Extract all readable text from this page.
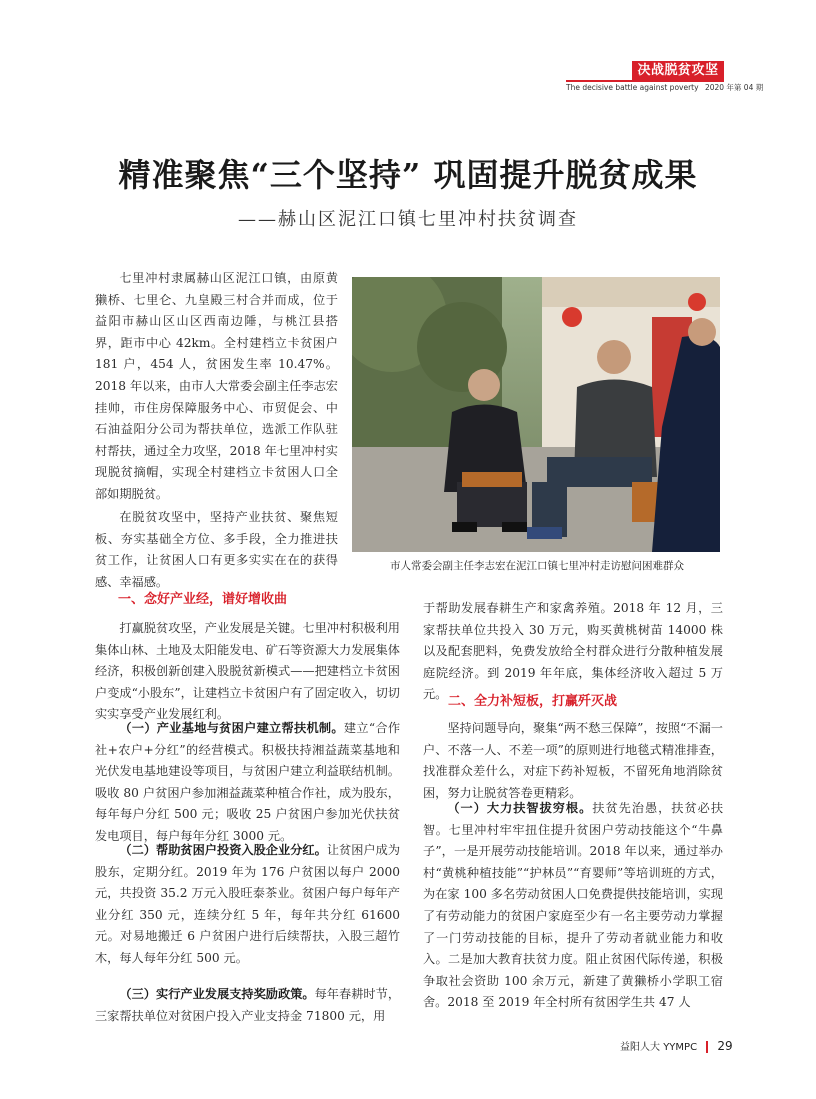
决战脱贫攻坚
The decisive battle against poverty 2020 年第 04 期
精准聚焦“三个坚持” 巩固提升脱贫成果
——赫山区泥江口镇七里冲村扶贫调查

七里冲村隶属赫山区泥江口镇，由原黄獭桥、七里仑、九皇殿三村合并而成，位于益阳市赫山区山区西南边陲，与桃江县搭界，距市中心 42km。全村建档立卡贫困户 181 户，454 人，贫困发生率 10.47%。2018 年以来，由市人大常委会副主任李志宏挂帅，市住房保障服务中心、市贸促会、中石油益阳分公司为帮扶单位，选派工作队驻村帮扶，通过全力攻坚，2018 年七里冲村实现脱贫摘帽，实现全村建档立卡贫困人口全部如期脱贫。

在脱贫攻坚中，坚持产业扶贫、聚焦短板、夯实基础全方位、多手段，全力推进扶贫工作，让贫困人口有更多实实在在的获得感、幸福感。

市人常委会副主任李志宏在泥江口镇七里冲村走访慰问困难群众
一、念好产业经，谱好增收曲

打赢脱贫攻坚，产业发展是关键。七里冲村积极利用集体山林、土地及太阳能发电、矿石等资源大力发展集体经济，积极创新创建入股脱贫新模式——把建档立卡贫困户变成“小股东”，让建档立卡贫困户有了固定收入，切切实实享受产业发展红利。

（一）产业基地与贫困户建立帮扶机制。建立“合作社+农户+分红”的经营模式。积极扶持湘益蔬菜基地和光伏发电基地建设等项目，与贫困户建立利益联结机制。吸收 80 户贫困户参加湘益蔬菜种植合作社，成为股东，每年每户分红 500 元；吸收 25 户贫困户参加光伏扶贫发电项目，每户每年分红 3000 元。

（二）帮助贫困户投资入股企业分红。让贫困户成为股东，定期分红。2019 年为 176 户贫困以每户 2000 元，共投资 35.2 万元入股旺泰茶业。贫困户每户每年产业分红 350 元，连续分红 5 年，每年共分红 61600 元。对易地搬迁 6 户贫困户进行后续帮扶，入股三超竹木，每人每年分红 500 元。

（三）实行产业发展支持奖励政策。每年春耕时节，三家帮扶单位对贫困户投入产业支持金 71800 元，用

于帮助发展春耕生产和家禽养殖。2018 年 12 月，三家帮扶单位共投入 30 万元，购买黄桃树苗 14000 株以及配套肥料，免费发放给全村群众进行分散种植发展庭院经济。到 2019 年年底，集体经济收入超过 5 万元。 二、全力补短板，打赢歼灭战

坚持问题导向，聚集“两不愁三保障”，按照“不漏一户、不落一人、不差一项”的原则进行地毯式精准排查，找准群众差什么，对症下药补短板，不留死角地消除贫困，努力让脱贫答卷更精彩。

（一）大力扶智拔穷根。扶贫先治愚，扶贫必扶智。七里冲村牢牢扭住提升贫困户劳动技能这个“牛鼻子”，一是开展劳动技能培训。2018 年以来，通过举办村“黄桃种植技能”“护林员”“育婴师”等培训班的方式，为在家 100 多名劳动贫困人口免费提供技能培训，实现了有劳动能力的贫困户家庭至少有一名主要劳动力掌握了一门劳动技能的目标，提升了劳动者就业能力和收入。二是加大教育扶贫力度。阻止贫困代际传递，积极争取社会资助 100 余万元，新建了黄獭桥小学职工宿舍。2018 至 2019 年全村所有贫困学生共 47 人

益阳人大 YYMPC 29
